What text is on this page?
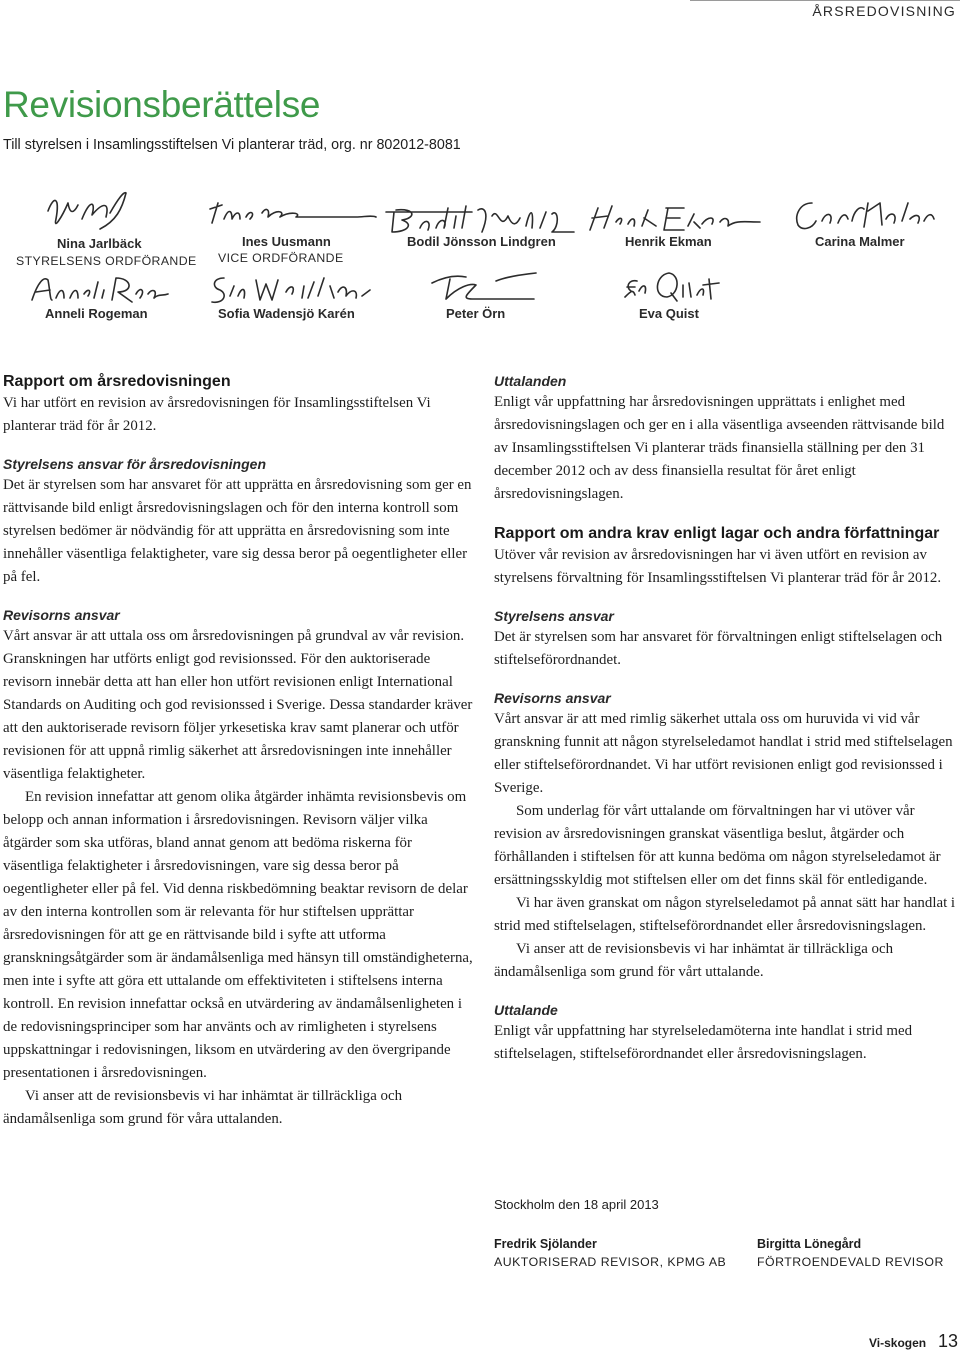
ÅRSREDOVISNING
Revisionsberättelse
Till styrelsen i Insamlingsstiftelsen Vi planterar träd, org. nr 802012-8081
Nina Jarlbäck
STYRELSENS ORDFÖRANDE
Ines Uusmann
VICE ORDFÖRANDE
Bodil Jönsson Lindgren	Henrik Ekman	Carina Malmer
Anneli Rogeman	Sofia Wadensjö Karén	Peter Örn	Eva Quist
Rapport om årsredovisningen

Vi har utfört en revision av årsredovisningen för Insamlingsstiftelsen Vi planterar träd för år 2012.

Styrelsens ansvar för årsredovisningen

Det är styrelsen som har ansvaret för att upprätta en årsredovisning som ger en rättvisande bild enligt årsredovisningslagen och för den interna kontroll som styrelsen bedömer är nödvändig för att upprätta en årsredovisning som inte innehåller väsentliga felaktigheter, vare sig dessa beror på oegentligheter eller på fel.

Revisorns ansvar

Vårt ansvar är att uttala oss om årsredovisningen på grundval av vår revision. Granskningen har utförts enligt god revisionssed. För den auktoriserade revisorn innebär detta att han eller hon utfört revisionen enligt International Standards on Auditing och god revisionssed i Sverige. Dessa standarder kräver att den auktoriserade revisorn följer yrkesetiska krav samt planerar och utför revisionen för att uppnå rimlig säkerhet att årsredovisningen inte innehåller väsentliga felaktigheter.

En revision innefattar att genom olika åtgärder inhämta revisionsbevis om belopp och annan information i årsredovisningen. Revisorn väljer vilka åtgärder som ska utföras, bland annat genom att bedöma riskerna för väsentliga felaktigheter i årsredovisningen, vare sig dessa beror på oegentligheter eller på fel. Vid denna riskbedömning beaktar revisorn de delar av den interna kontrollen som är relevanta för hur stiftelsen upprättar årsredovisningen för att ge en rättvisande bild i syfte att utforma granskningsåtgärder som är ändamålsenliga med hänsyn till omständigheterna, men inte i syfte att göra ett uttalande om effektiviteten i stiftelsens interna kontroll. En revision innefattar också en utvärdering av ändamålsenligheten i de redovisningsprinciper som har använts och av rimligheten i styrelsens uppskattningar i redovisningen, liksom en utvärdering av den övergripande presentationen i årsredovisningen.

Vi anser att de revisionsbevis vi har inhämtat är tillräckliga och ändamålsenliga som grund för våra uttalanden.

Uttalanden

Enligt vår uppfattning har årsredovisningen upprättats i enlighet med årsredovisningslagen och ger en i alla väsentliga avseenden rättvisande bild av Insamlingsstiftelsen Vi planterar träds finansiella ställning per den 31 december 2012 och av dess finansiella resultat för året enligt årsredovisningslagen.

Rapport om andra krav enligt lagar och andra författningar

Utöver vår revision av årsredovisningen har vi även utfört en revision av styrelsens förvaltning för Insamlingsstiftelsen Vi planterar träd för år 2012.

Styrelsens ansvar

Det är styrelsen som har ansvaret för förvaltningen enligt stiftelselagen och stiftelseförordnandet.

Revisorns ansvar

Vårt ansvar är att med rimlig säkerhet uttala oss om huruvida vi vid vår granskning funnit att någon styrelseledamot handlat i strid med stiftelselagen eller stiftelseförordnandet. Vi har utfört revisionen enligt god revisionssed i Sverige.

Som underlag för vårt uttalande om förvaltningen har vi utöver vår revision av årsredovisningen granskat väsentliga beslut, åtgärder och förhållanden i stiftelsen för att kunna bedöma om någon styrelseledamot är ersättningsskyldig mot stiftelsen eller om det finns skäl för entledigande.

Vi har även granskat om någon styrelseledamot på annat sätt har handlat i strid med stiftelselagen, stiftelseförordnandet eller årsredovisningslagen.

Vi anser att de revisionsbevis vi har inhämtat är tillräckliga och ändamålsenliga som grund för vårt uttalande.

Uttalande

Enligt vår uppfattning har styrelseledamöterna inte handlat i strid med stiftelselagen, stiftelseförordnandet eller årsredovisningslagen.

Stockholm den 18 april 2013
Fredrik Sjölander
AUKTORISERAD REVISOR, KPMG AB
Birgitta Lönegård
FÖRTROENDEVALD REVISOR
Vi-skogen 13
